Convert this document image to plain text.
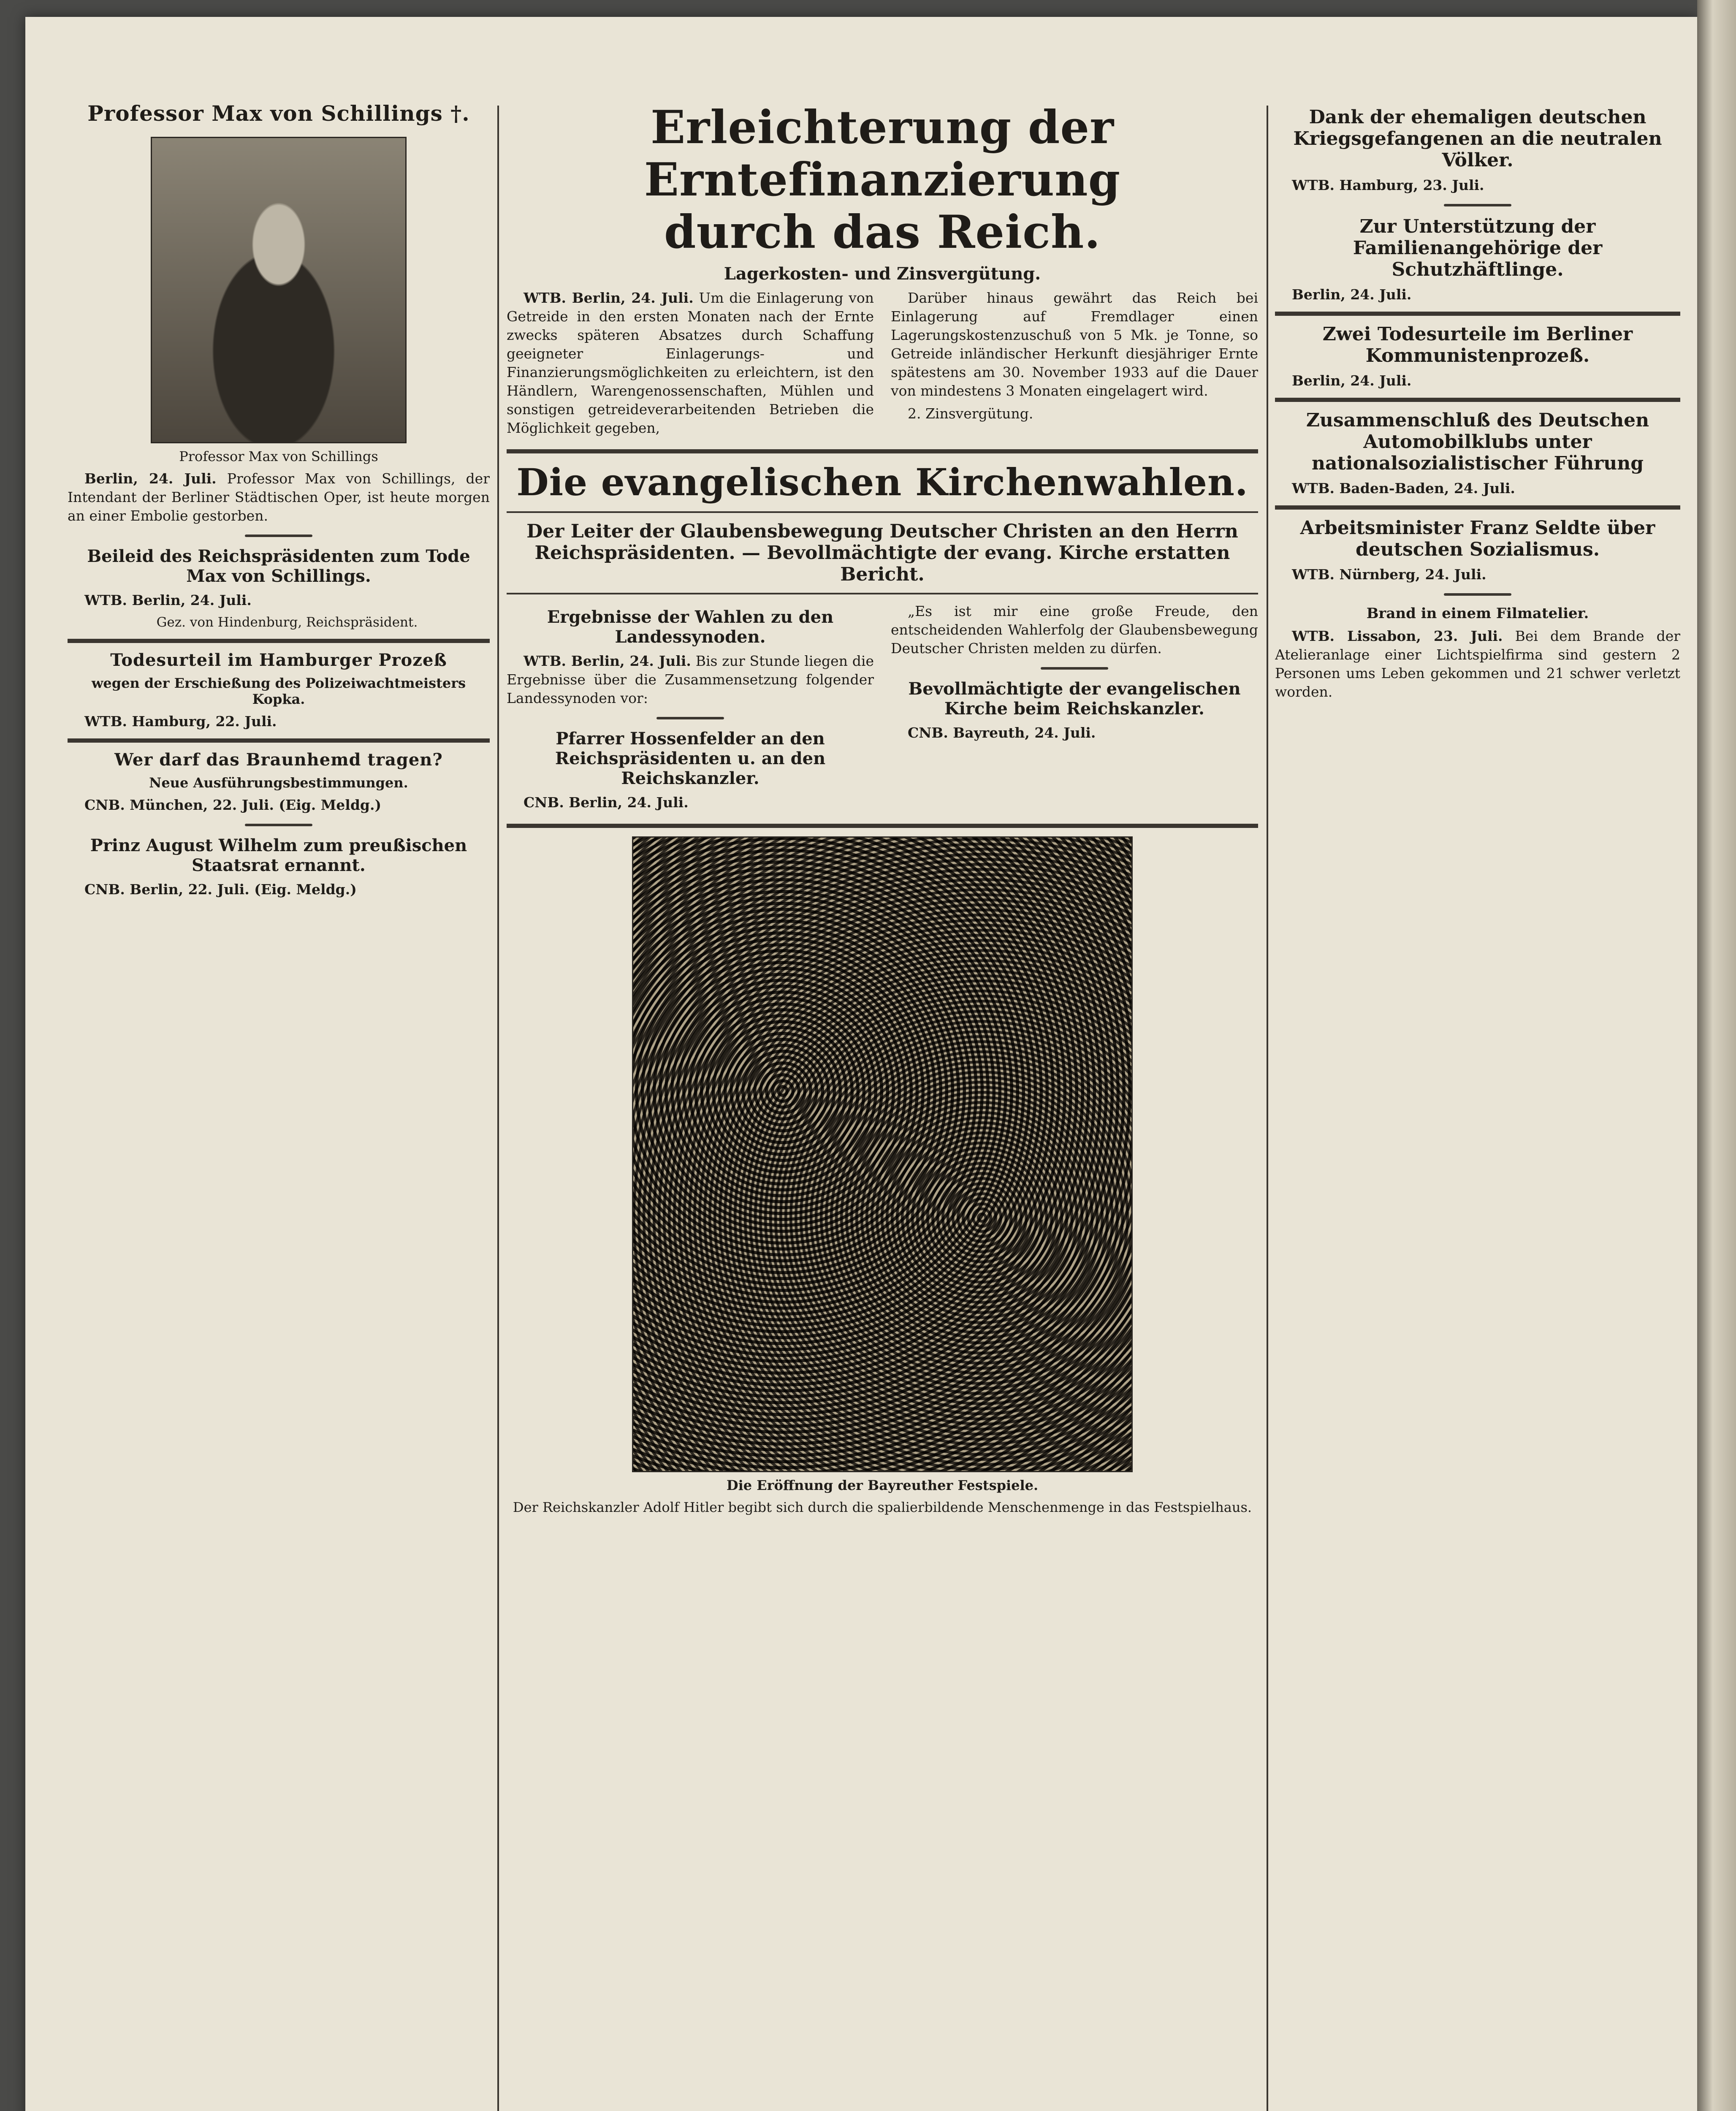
Professor Max von Schillings †.

Professor Max von Schillings

Berlin, 24. Juli. Professor Max von Schillings, der Intendant der Berliner Städtischen Oper, ist heute morgen an einer Embolie gestorben.

Beileid des Reichspräsidenten zum Tode Max von Schillings.

WTB. Berlin, 24. Juli.

Gez. von Hindenburg, Reichspräsident.

Todesurteil im Hamburger Prozeß

wegen der Erschießung des Polizeiwachtmeisters Kopka.

WTB. Hamburg, 22. Juli.

Wer darf das Braunhemd tragen?

Neue Ausführungsbestimmungen.

CNB. München, 22. Juli. (Eig. Meldg.)

Prinz August Wilhelm zum preußischen Staatsrat ernannt.

CNB. Berlin, 22. Juli. (Eig. Meldg.)

Erleichterung der Erntefinanzierung
durch das Reich.

Lagerkosten- und Zinsvergütung.

WTB. Berlin, 24. Juli. Um die Einlagerung von Getreide in den ersten Monaten nach der Ernte zwecks späteren Absatzes durch Schaffung geeigneter Einlagerungs- und Finanzierungsmöglichkeiten zu erleichtern, ist den Händlern, Warengenossenschaften, Mühlen und sonstigen getreideverarbeitenden Betrieben die Möglichkeit gegeben,

Darüber hinaus gewährt das Reich bei Einlagerung auf Fremdlager einen Lagerungskostenzuschuß von 5 Mk. je Tonne, so Getreide inländischer Herkunft diesjähriger Ernte spätestens am 30. November 1933 auf die Dauer von mindestens 3 Monaten eingelagert wird.

2. Zinsvergütung.

Die evangelischen Kirchenwahlen.

Der Leiter der Glaubensbewegung Deutscher Christen an den Herrn Reichspräsidenten. — Bevollmächtigte der evang. Kirche erstatten Bericht.

Ergebnisse der Wahlen zu den Landessynoden.

WTB. Berlin, 24. Juli. Bis zur Stunde liegen die Ergebnisse über die Zusammensetzung folgender Landessynoden vor:

Pfarrer Hossenfelder an den Reichspräsidenten u. an den Reichskanzler.

CNB. Berlin, 24. Juli.

„Es ist mir eine große Freude, den entscheidenden Wahlerfolg der Glaubensbewegung Deutscher Christen melden zu dürfen.

Bevollmächtigte der evangelischen Kirche beim Reichskanzler.

CNB. Bayreuth, 24. Juli.

Die Eröffnung der Bayreuther Festspiele.

Der Reichskanzler Adolf Hitler begibt sich durch die spalierbildende Menschenmenge in das Festspielhaus.

Dank der ehemaligen deutschen Kriegsgefangenen an die neutralen Völker.

WTB. Hamburg, 23. Juli.

Zur Unterstützung der Familienangehörige der Schutzhäftlinge.

Berlin, 24. Juli.

Zwei Todesurteile im Berliner Kommunistenprozeß.

Berlin, 24. Juli.

Zusammenschluß des Deutschen Automobilklubs unter nationalsozialistischer Führung

WTB. Baden-Baden, 24. Juli.

Arbeitsminister Franz Seldte über deutschen Sozialismus.

WTB. Nürnberg, 24. Juli.

Brand in einem Filmatelier.

WTB. Lissabon, 23. Juli. Bei dem Brande der Atelieranlage einer Lichtspielfirma sind gestern 2 Personen ums Leben gekommen und 21 schwer verletzt worden.
